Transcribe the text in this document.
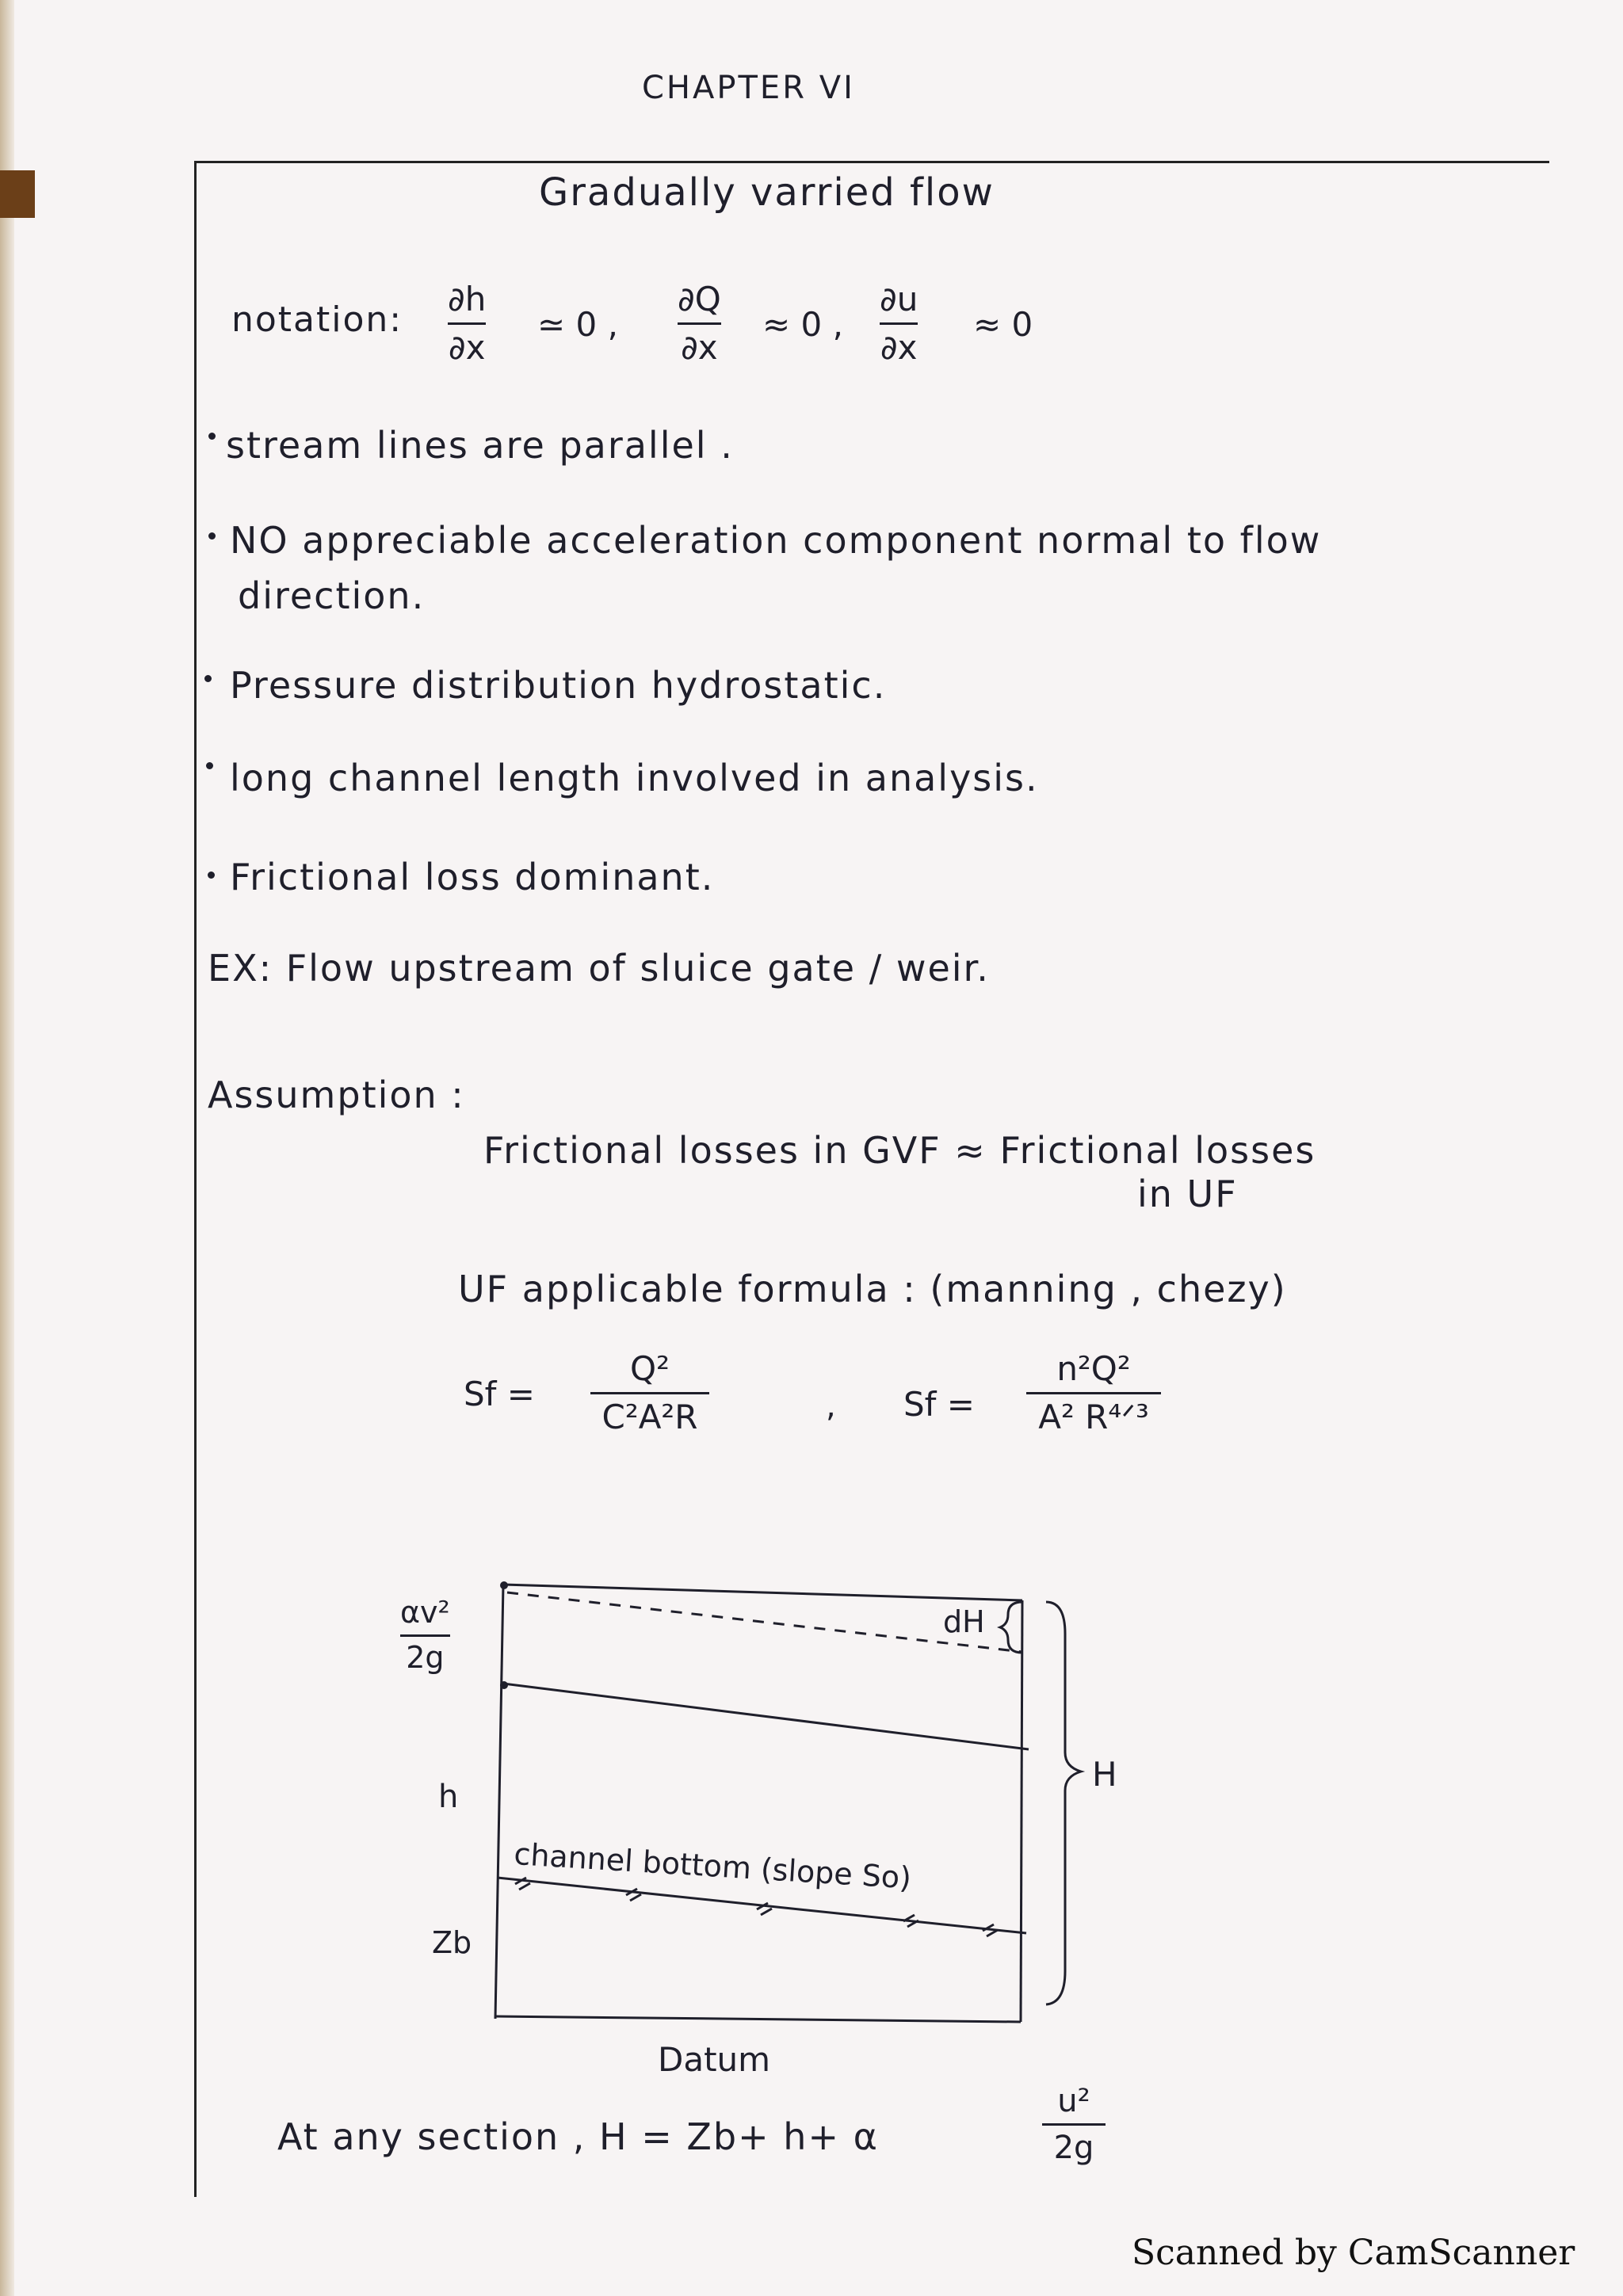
CHAPTER VI
Gradually varried flow
notation:
∂h
∂x
≃ 0 ,
∂Q
∂x
≈ 0 ,
∂u
∂x
≈ 0
stream lines are parallel .
NO appreciable acceleration component normal to flow
direction.
Pressure distribution hydrostatic.
long channel length involved in analysis.
Frictional loss dominant.
EX: Flow upstream of sluice gate / weir.
Assumption :
Frictional losses in GVF ≈ Frictional losses
in UF
UF applicable formula : (manning , chezy)
Sf =
Q²
C²A²R	, Sf =
n²Q²
A² R⁴ᐟ³
αv²
2g
h
Zb
dH
H
channel bottom (slope So)
Datum
At any section , H = Zb+ h+ α
u²
2g
Scanned by CamScanner
